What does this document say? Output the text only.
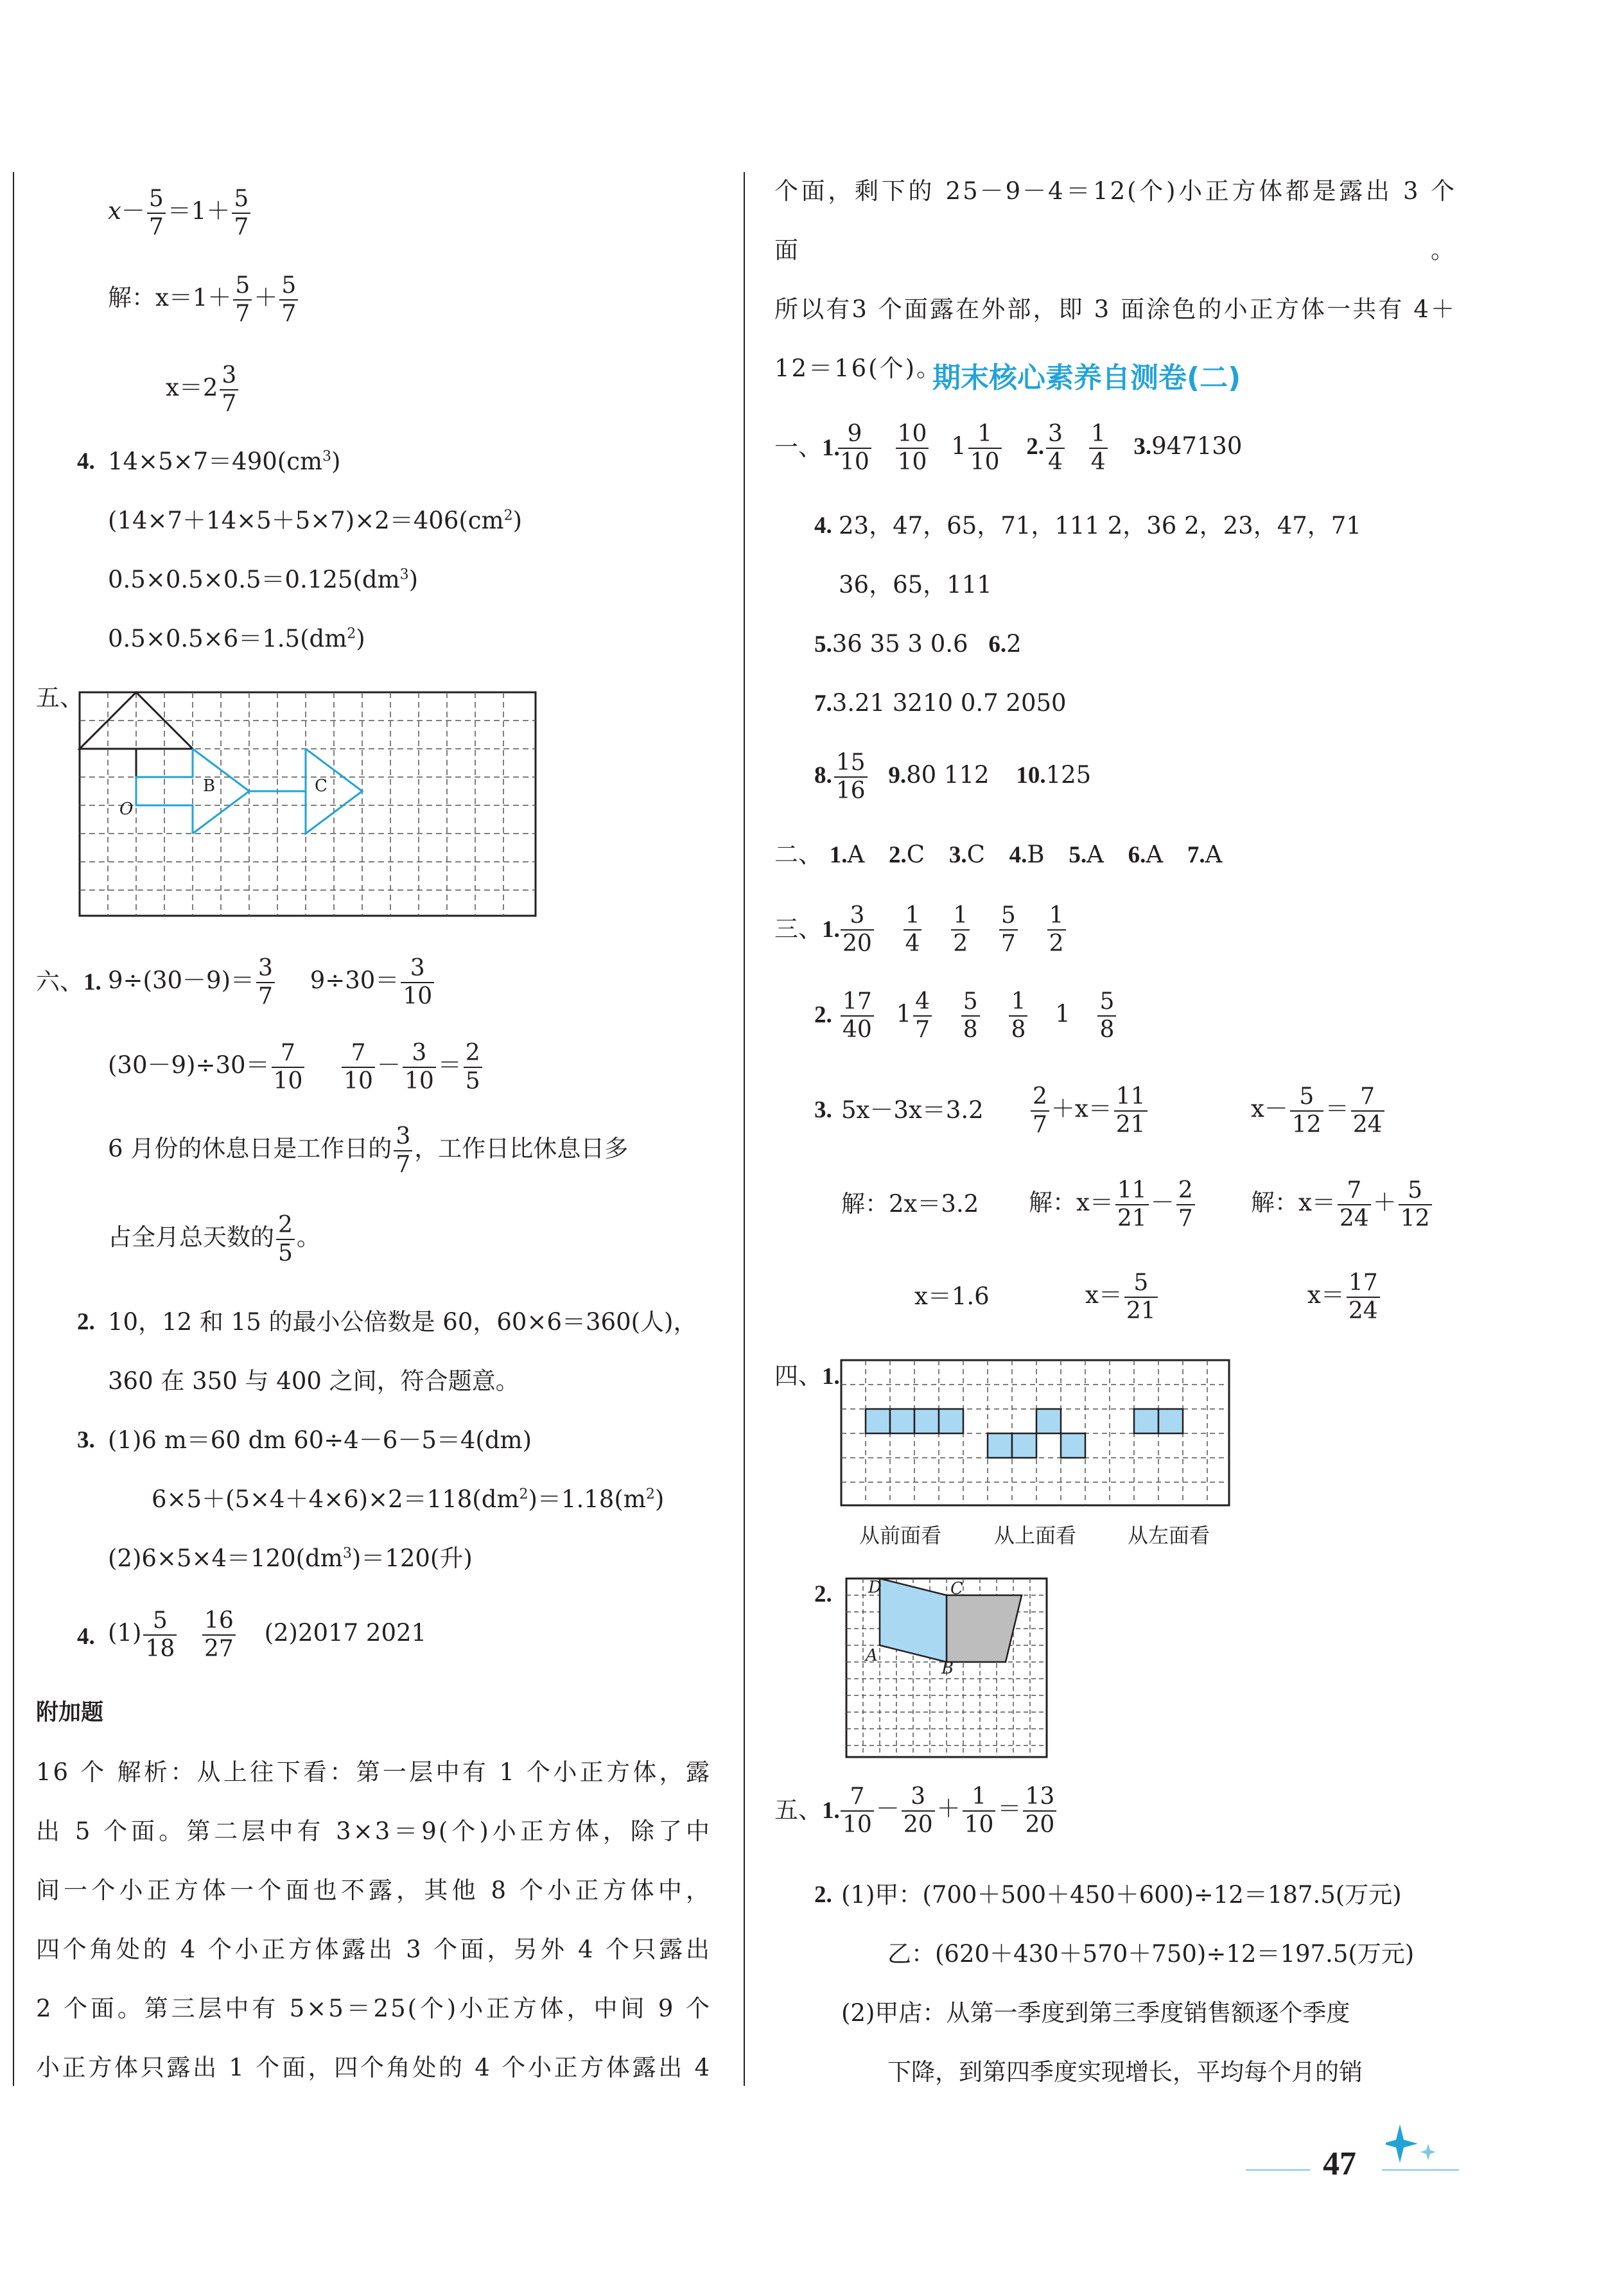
$x- \frac{5}{7} =1+ \frac{5}{7}$
解：$x=1+ \frac{5}{7} + \frac{5}{7}$
$x=2 \frac{3}{7}$
4. $14\times 5\times 7=490(cm^3)$
$(14\times 7+14\times 5+5\times 7)\times 2=406(cm^2)$
$0.5\times 0.5\times 0.5=0.125(dm^3)$
$0.5\times 0.5\times 6=1.5(dm^2)$
五、
O
B	C
六、1. $9\div(30-9)= \frac{3}{7} 9\div 30= \frac{3}{10}$
$(30-9)\div 30= \frac{7}{10}$
$\frac{7}{10} - \frac{3}{10} = \frac{2}{5}$
6 月份的休息日是工作日的 $\frac{3}{7}$ ，工作日比休息日多
占全月总天数的 $\frac{2}{5}$ 。
2. 10，12 和 15 的最小公倍数是 60，60×6＝360(人)，
360 在 350 与 400 之间，符合题意。
3. (1)6 m＝60 dm 60÷4－6－5＝4(dm)
$6\times 5+(5\times 4+4\times 6)\times 2=118(dm^2)=1.18(m^2)$
$(2)6\times 5\times 4=120(dm^3)=120$(升)
4. $(1) \frac{5}{18}$
$\frac{16}{27} (2)2017$ 2021
附加题
16 个 解析：从上往下看：第一层中有 1 个小正方体，露
出 5 个面。第二层中有 3×3＝9(个)小正方体，除了中
间一个小正方体一个面也不露，其他 8 个小正方体中，
四个角处的 4 个小正方体露出 3 个面，另外 4 个只露出
2 个面。第三层中有 5×5＝25(个)小正方体，中间 9 个
小正方体只露出 1 个面，四个角处的 4 个小正方体露出 4
个面，剩下的 25－9－4＝12(个)小正方体都是露出 3 个面。
所以有3 个面露在外部，即 3 面涂色的小正方体一共有 4＋
12＝16(个)。
期末核心素养自测卷(二)
一、1.
$\frac{9}{10}$
$\frac{10}{10} 1 \frac{1}{10} 2$. $\frac{3}{4}$
$\frac{1}{4} 3.947130$
4. 23，47，65，71，111 2，36 2，23，47，71
36，65，111
5.36 35 3 0.6 6.2
7.3.21 3210 0.7 2050
8. $\frac{15}{16} 9.80$ 112 10.125
二、 1.A 2.C 3.C 4.B 5.A 6.A 7.A
三、1. $\frac{3}{20}$
$\frac{1}{4}$
$\frac{1}{2}$
$\frac{5}{7}$
$\frac{1}{2}$
2. $\frac{17}{40} 1 \frac{4}{7}$
$\frac{5}{8}$
$\frac{1}{8} 1 \frac{5}{8}$
3. $5x-3x=3.2 \frac{2}{7} +x= \frac{11}{21}$	$x- \frac{5}{12} = \frac{7}{24}$
解：2x＝3.2 解：$x= \frac{11}{21} - \frac{2}{7}$ 解：$x= \frac{7}{24} + \frac{5}{12}$
x＝1.6	$x= \frac{5}{21}$	$x= \frac{17}{24}$
四、1.
从前面看	从上面看 从左面看
2. D	C
A
B
五、1. $\frac{7}{10} - \frac{3}{20} + \frac{1}{10} = \frac{13}{20}$
2. (1)甲：(700＋500＋450＋600)÷12＝187.5(万元)
乙：(620＋430＋570＋750)÷12＝197.5(万元)
(2)甲店：从第一季度到第三季度销售额逐个季度
下降，到第四季度实现增长，平均每个月的销
47
